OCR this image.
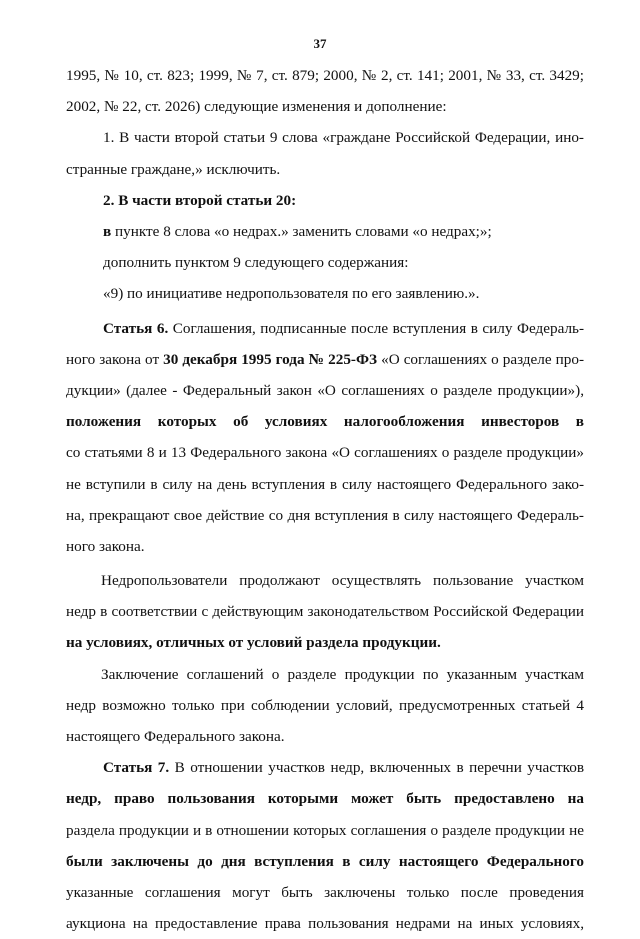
37

1995, № 10, ст. 823; 1999, № 7, ст. 879; 2000, № 2, ст. 141; 2001, № 33, ст. 3429;
2002, № 22, ст. 2026) следующие изменения и дополнение:

1. В части второй статьи 9 слова «граждане Российской Федерации, ино-
странные граждане,» исключить.

2. В части второй статьи 20:

в пункте 8 слова «о недрах.» заменить словами «о недрах;»;

дополнить пунктом 9 следующего содержания:

«9) по инициативе недропользователя по его заявлению.».

Статья 6. Соглашения, подписанные после вступления в силу Федераль-
ного закона от 30 декабря 1995 года № 225-ФЗ «О соглашениях о разделе про-
дукции» (далее - Федеральный закон «О соглашениях о разделе продукции»),
положения которых об условиях налогообложения инвесторов в
со статьями 8 и 13 Федерального закона «О соглашениях о разделе продукции»
не вступили в силу на день вступления в силу настоящего Федерального зако-
на, прекращают свое действие со дня вступления в силу настоящего Федераль-
ного закона.

Недропользователи продолжают осуществлять пользование участком
недр в соответствии с действующим законодательством Российской Федерации
на условиях, отличных от условий раздела продукции.

Заключение соглашений о разделе продукции по указанным участкам
недр возможно только при соблюдении условий, предусмотренных статьей 4
настоящего Федерального закона.

Статья 7. В отношении участков недр, включенных в перечни участков
недр, право пользования которыми может быть предоставлено на
раздела продукции и в отношении которых соглашения о разделе продукции не
были заключены до дня вступления в силу настоящего Федерального
указанные соглашения могут быть заключены только после проведения
аукциона на предоставление права пользования недрами на иных условиях,
